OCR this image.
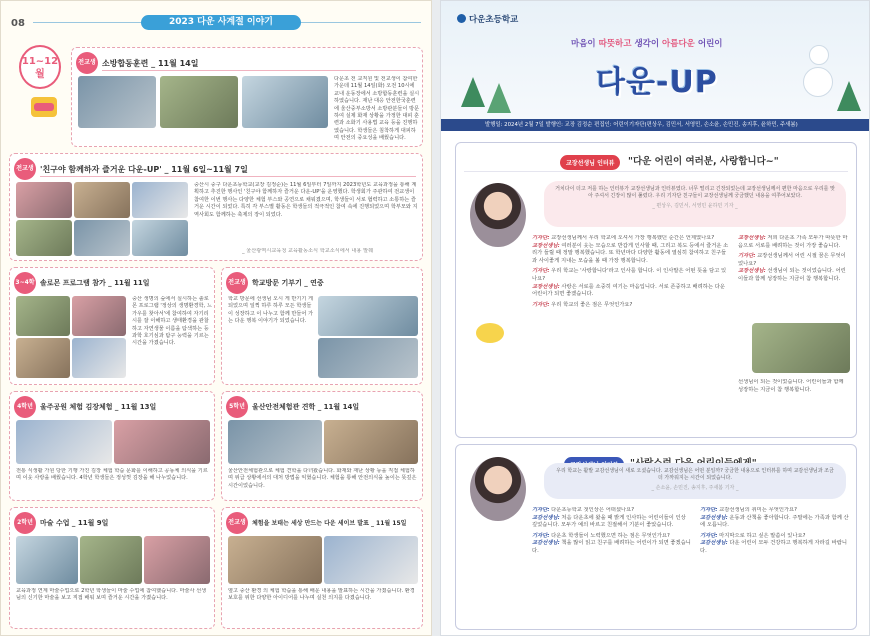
08	2023 다운 사계절 이야기
11~12월
전교생 소방합동훈련 _ 11월 14일
다운초 전 교직원 및 전교생이 참여한 가운데 11월 14일(화) 오전 10시에 교내 운동장에서 소방합동훈련을 실시하였습니다. 재난 대응 안전한국훈련에 울산중부소방서 소방관분들이 방문하여 실제 화재 상황을 가정한 대피 훈련과 소화기 사용법 교육 등을 진행하였습니다. 학생들은 침착하게 대피하며 안전의 중요성을 배웠습니다.
전교생 '친구야 함께하자 즐거운 다운-UP' _ 11월 6일~11월 7일
중산시 중구 다운초등학교(교장 김정순)는 11월 6일부터 7일까지 2023학년도 교육과정을 통해 계획하고 추진한 행사인 '친구야 함께하자 즐거운 다운-UP'을 운영했다. 학생회가 주관하여 전교생이 참여한 이번 행사는 다양한 체험 부스와 공연으로 채워졌으며, 학생들이 서로 협력하고 소통하는 즐거운 시간이 되었다. 특히 각 부스별 활동은 학생들의 적극적인 참여 속에 진행되었으며 학부모와 지역사회도 함께하는 축제의 장이 되었다.
_ 울산광역시교육청 교육활동소식 학교소식에서 내용 발췌
3~4학 솔로몬 프로그램 참가 _ 11월 11일
중산 생명의 숲에서 실시하는 솔로몬 프로그램 '정상의 생명환경학, 느가우를 찾아서'에 참여하여 자기리시를 잘 이해하고 생태환경을 관찰하고 자연생물 이름을 탐색하는 등 과학 호기심과 탐구 능력을 기르는 시간을 가졌습니다.
전교생 학교방문 기부기 _ 연중
학교 방문에 선생님 오시 게 반기기 게 되었으며 일찍 하루 하루 모든 학생들이 성장하고 이 나누고 함께 만들어 가는 다운 행복 이야기가 되었습니다.
4학년	울주공원 체험 김장체험 _ 11월 13일
전통 식생활 가원 당한 기행 가진 김장 체험 학습 문화를 이해하고 공동체 의식을 기르며 이웃 사랑을 배웠습니다. 4학년 학생들은 정성껏 김장을 해 나누었습니다.
5학년	울산안전체험관 견학 _ 11월 14일
울산안전체험관으로 체험 견학을 다녀왔습니다. 화재와 재난 상황 등을 직접 체험하며 위급 상황에서의 대처 방법을 익혔습니다. 체험을 통해 안전의식을 높이는 뜻깊은 시간이었습니다.
2학년	마술 수업 _ 11월 9일
교육과정 연계 마술수업으로 2학년 학생들이 마술 수업에 참여했습니다. 마술사 선생님의 신기한 마술을 보고 직접 배워 보며 즐거운 시간을 가졌습니다.
전교생	체험을 보태는 세상 만드는 다운 세이브 발표 _ 11월 15일
옆고 중산 환경 의 체험 학습을 통해 배운 내용을 발표하는 시간을 가졌습니다. 환경보호를 위한 다양한 아이디어를 나누며 실천 의지를 다졌습니다.
다운초등학교
마음이 따뜻하고 생각이 아름다운 어린이
다운-UP
발행일: 2024년 2월 7일 발행인: 교장 김정순 편집인: 어린이기자단(편상우, 김민서, 서영민, 손소윤, 손민진, 송지후, 윤하민, 주새봄)
교장선생님 인터뷰	"다운 어린이 여러분, 사랑합니다~"
거치다이 더고 저를 하는 인터뷰가 교장선생님과 인터뷰였다. 너무 떨리고 긴장되었는데 교장선생님께서 편한 마음으로 우리를 맞아 주셔서 긴장이 많이 풀렸다. 우리 기자단 친구들이 교장선생님께 궁금했던 내용을 여쭈어보았다.
_ 편상우, 김민서, 서영민 윤하민 기자 _

기자단: 교장선생님께서 우리 학교에 오셔서 가장 행복했던 순간은 언제였나요?

교장선생님: 여러분이 웃는 모습으로 반갑게 인사할 때, 그리고 복도 등에서 즐거운 소리가 들릴 때 정말 행복했습니다. 또 학년마다 다양한 활동에 열심히 참여하고 친구들과 사이좋게 지내는 모습을 볼 때 가장 행복합니다.

기자단: 우리 학교는 '사랑합니다'라고 인사를 합니다. 이 인사말은 어떤 뜻을 담고 있나요?

교장선생님: 사랑은 서로를 소중히 여기는 마음입니다. 서로 존중하고 배려하는 다운 어린이가 되면 좋겠습니다.

기자단: 우리 학교의 좋은 점은 무엇인가요?

교장선생님: 저희 다운초 가족 모두가 따뜻한 마음으로 서로를 배려하는 것이 가장 좋습니다.

기자단: 교장선생님께서 어린 시절 꿈은 무엇이었나요?

교장선생님: 선생님이 되는 것이었습니다. 어린이들과 함께 성장하는 지금이 참 행복합니다.

선생님이 되는 것이었습니다. 어린이들과 함께 성장하는 지금이 참 행복합니다.
우리 학교는 활발 교감선생님이 새로 오셨습니다. 교감선생님은 어떤 분일까? 궁금한 내용으로 인터뷰를 하며 교감선생님과 조금 더 가까워지는 시간이 되었습니다.
_ 손소윤, 손민진, 송지후, 주새봄 기자 _

기자단: 다운초등학교 첫인상은 어떠셨나요?

교감선생님: 처음 다운초에 왔을 때 밝게 인사하는 어린이들이 인상 깊었습니다. 모두가 예의 바르고 친절해서 기분이 좋았습니다.

기자단: 다운초 학생들이 노력했으면 하는 점은 무엇인가요?

교감선생님: 책을 많이 읽고 친구를 배려하는 어린이가 되면 좋겠습니다.

기자단: 교감선생님의 취미는 무엇인가요?

교감선생님: 운동과 산책을 좋아합니다. 주말에는 가족과 함께 산에 오릅니다.

기자단: 마지막으로 하고 싶은 말씀이 있나요?

교감선생님: 다운 어린이 모두 건강하고 행복하게 자라길 바랍니다.
